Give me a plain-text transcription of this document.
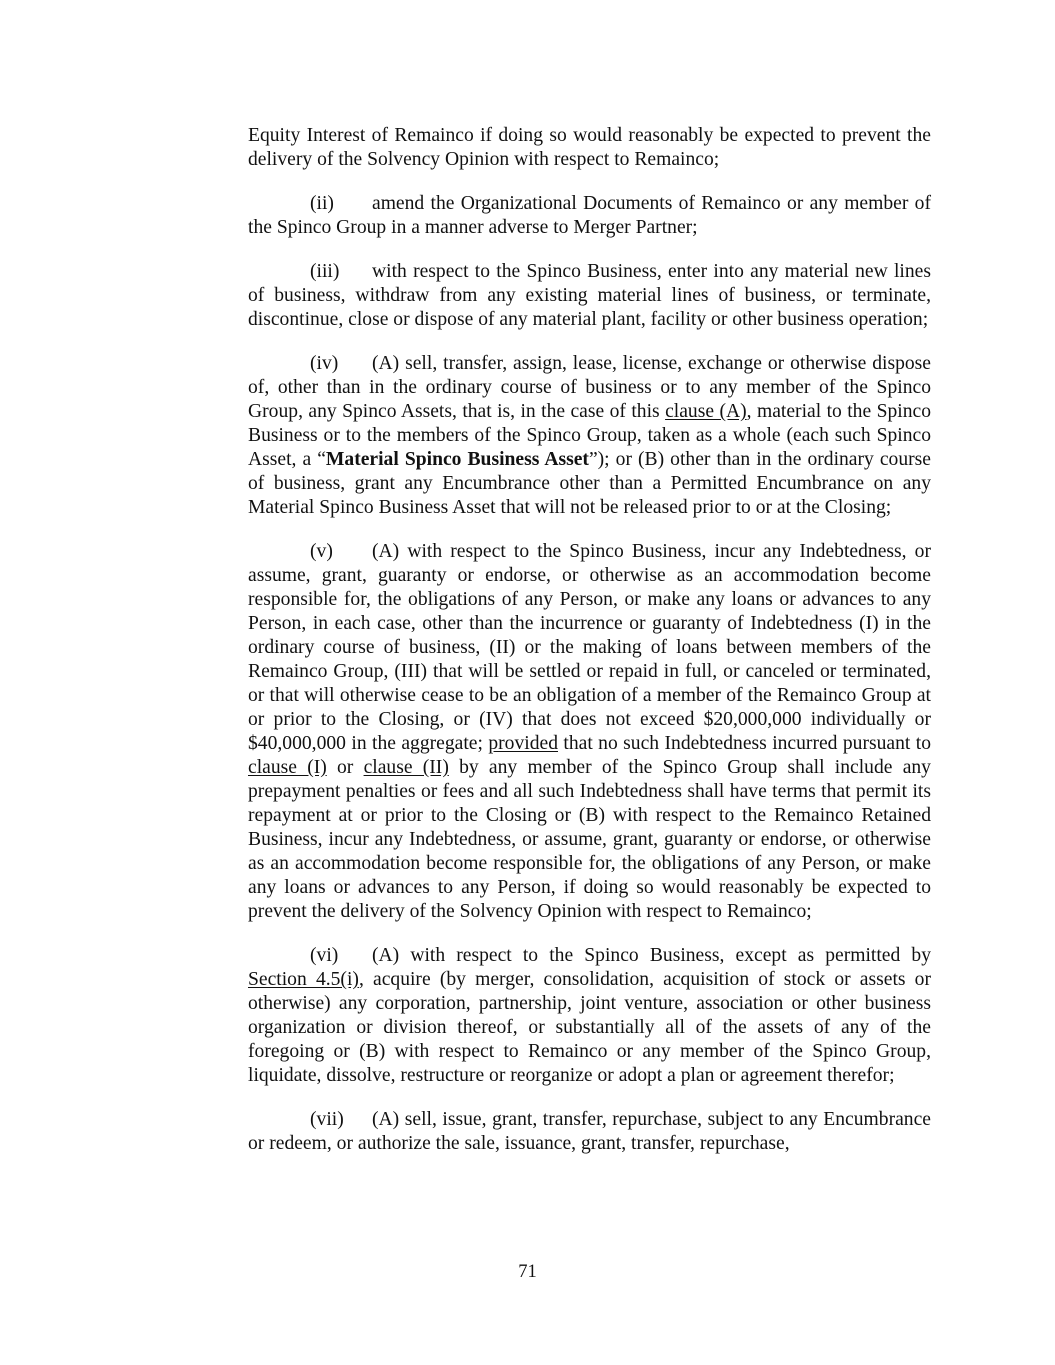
Equity Interest of Remainco if doing so would reasonably be expected to prevent the delivery of the Solvency Opinion with respect to Remainco;

(ii) amend the Organizational Documents of Remainco or any member of the Spinco Group in a manner adverse to Merger Partner;

(iii) with respect to the Spinco Business, enter into any material new lines of business, withdraw from any existing material lines of business, or terminate, discontinue, close or dispose of any material plant, facility or other business operation;

(iv) (A) sell, transfer, assign, lease, license, exchange or otherwise dispose of, other than in the ordinary course of business or to any member of the Spinco Group, any Spinco Assets, that is, in the case of this clause (A), material to the Spinco Business or to the members of the Spinco Group, taken as a whole (each such Spinco Asset, a “Material Spinco Business Asset”); or (B) other than in the ordinary course of business, grant any Encumbrance other than a Permitted Encumbrance on any Material Spinco Business Asset that will not be released prior to or at the Closing;

(v) (A) with respect to the Spinco Business, incur any Indebtedness, or assume, grant, guaranty or endorse, or otherwise as an accommodation become responsible for, the obligations of any Person, or make any loans or advances to any Person, in each case, other than the incurrence or guaranty of Indebtedness (I) in the ordinary course of business, (II) or the making of loans between members of the Remainco Group, (III) that will be settled or repaid in full, or canceled or terminated, or that will otherwise cease to be an obligation of a member of the Remainco Group at or prior to the Closing, or (IV) that does not exceed $20,000,000 individually or $40,000,000 in the aggregate; provided that no such Indebtedness incurred pursuant to clause (I) or clause (II) by any member of the Spinco Group shall include any prepayment penalties or fees and all such Indebtedness shall have terms that permit its repayment at or prior to the Closing or (B) with respect to the Remainco Retained Business, incur any Indebtedness, or assume, grant, guaranty or endorse, or otherwise as an accommodation become responsible for, the obligations of any Person, or make any loans or advances to any Person, if doing so would reasonably be expected to prevent the delivery of the Solvency Opinion with respect to Remainco;

(vi) (A) with respect to the Spinco Business, except as permitted by Section 4.5(i), acquire (by merger, consolidation, acquisition of stock or assets or otherwise) any corporation, partnership, joint venture, association or other business organization or division thereof, or substantially all of the assets of any of the foregoing or (B) with respect to Remainco or any member of the Spinco Group, liquidate, dissolve, restructure or reorganize or adopt a plan or agreement therefor;

(vii) (A) sell, issue, grant, transfer, repurchase, subject to any Encumbrance or redeem, or authorize the sale, issuance, grant, transfer, repurchase,

71
